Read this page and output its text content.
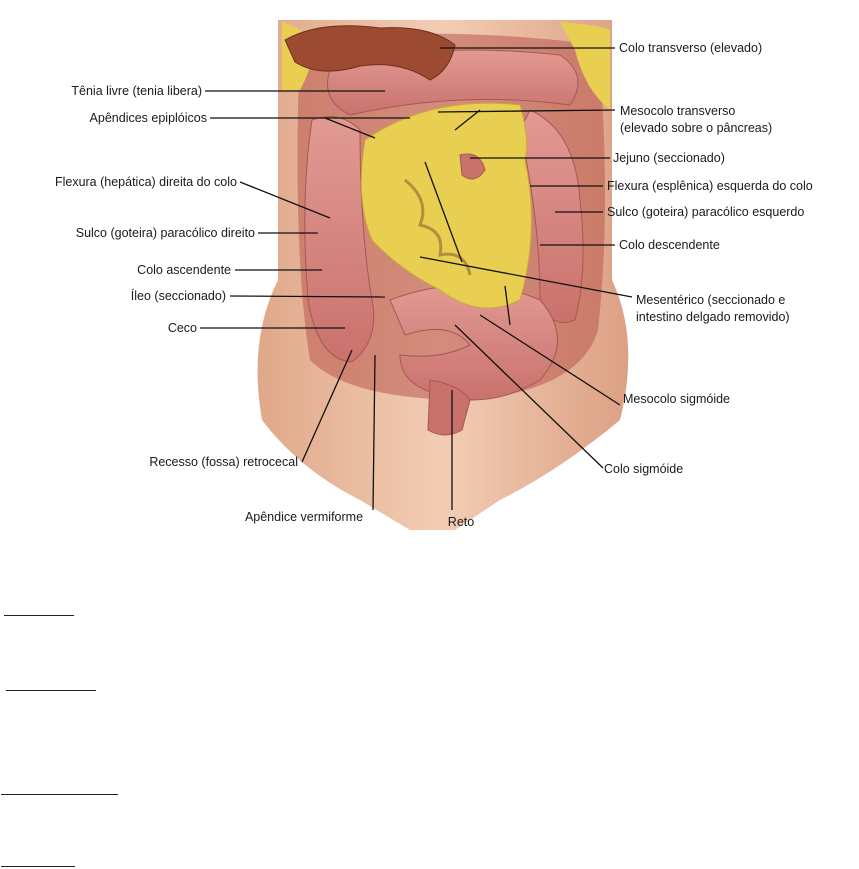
Colo transverso (elevado)
Tênia livre (tenia libera)
Apêndices epiplóicos	Mesocolo transverso
(elevado sobre o pâncreas)
Jejuno (seccionado)
Flexura (hepática) direita do colo	Flexura (esplênica) esquerda do colo
Sulco (goteira) paracólico direito
Sulco (goteira) paracólico esquerdo
Colo descendente
Colo ascendente
Íleo (seccionado)	Mesentérico (seccionado e
intestino delgado removido)
Ceco
Mesocolo sigmóide
Recesso (fossa) retrocecal	Colo sigmóide
Apêndice vermiforme	Reto
